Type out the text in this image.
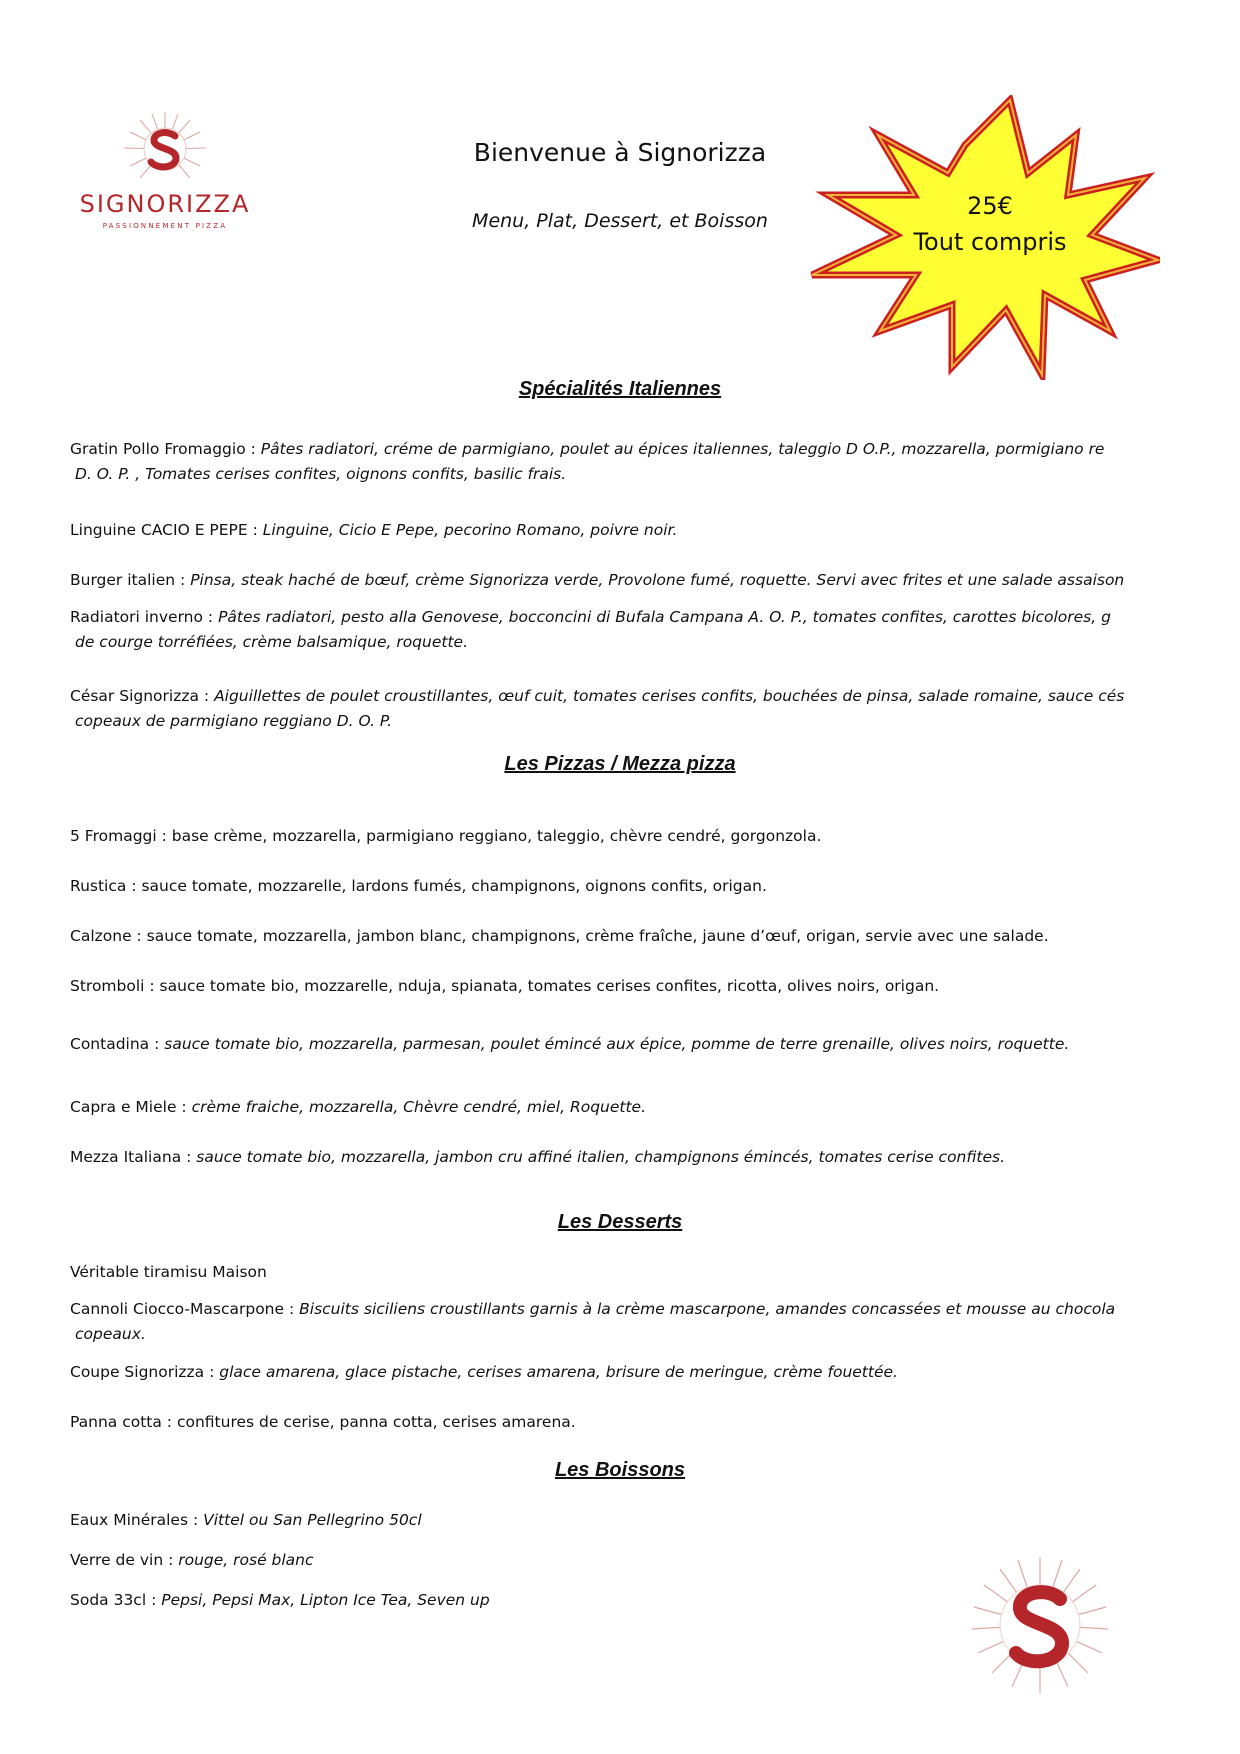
SIGNORIZZA
PASSIONNEMENT PIZZA
Bienvenue à Signorizza
Menu, Plat, Dessert, et Boisson
25€
Tout compris
Spécialités Italiennes
Gratin Pollo Fromaggio : Pâtes radiatori, créme de parmigiano, poulet au épices italiennes, taleggio D O.P., mozzarella, pormigiano re
D. O. P. , Tomates cerises confites, oignons confits, basilic frais.
Linguine CACIO E PEPE : Linguine, Cicio E Pepe, pecorino Romano, poivre noir.
Burger italien : Pinsa, steak haché de bœuf, crème Signorizza verde, Provolone fumé, roquette. Servi avec frites et une salade assaison
Radiatori inverno : Pâtes radiatori, pesto alla Genovese, bocconcini di Bufala Campana A. O. P., tomates confites, carottes bicolores, g
de courge torréfiées, crème balsamique, roquette.
César Signorizza : Aiguillettes de poulet croustillantes, œuf cuit, tomates cerises confits, bouchées de pinsa, salade romaine, sauce cés
copeaux de parmigiano reggiano D. O. P.
Les Pizzas / Mezza pizza
5 Fromaggi : base crème, mozzarella, parmigiano reggiano, taleggio, chèvre cendré, gorgonzola.
Rustica : sauce tomate, mozzarelle, lardons fumés, champignons, oignons confits, origan.
Calzone : sauce tomate, mozzarella, jambon blanc, champignons, crème fraîche, jaune d’œuf, origan, servie avec une salade.
Stromboli : sauce tomate bio, mozzarelle, nduja, spianata, tomates cerises confites, ricotta, olives noirs, origan.
Contadina : sauce tomate bio, mozzarella, parmesan, poulet émincé aux épice, pomme de terre grenaille, olives noirs, roquette.
Capra e Miele : crème fraiche, mozzarella, Chèvre cendré, miel, Roquette.
Mezza Italiana : sauce tomate bio, mozzarella, jambon cru affiné italien, champignons émincés, tomates cerise confites.
Les Desserts
Véritable tiramisu Maison
Cannoli Ciocco-Mascarpone : Biscuits siciliens croustillants garnis à la crème mascarpone, amandes concassées et mousse au chocola
copeaux.
Coupe Signorizza : glace amarena, glace pistache, cerises amarena, brisure de meringue, crème fouettée.
Panna cotta : confitures de cerise, panna cotta, cerises amarena.
Les Boissons
Eaux Minérales : Vittel ou San Pellegrino 50cl
Verre de vin : rouge, rosé blanc
Soda 33cl : Pepsi, Pepsi Max, Lipton Ice Tea, Seven up
